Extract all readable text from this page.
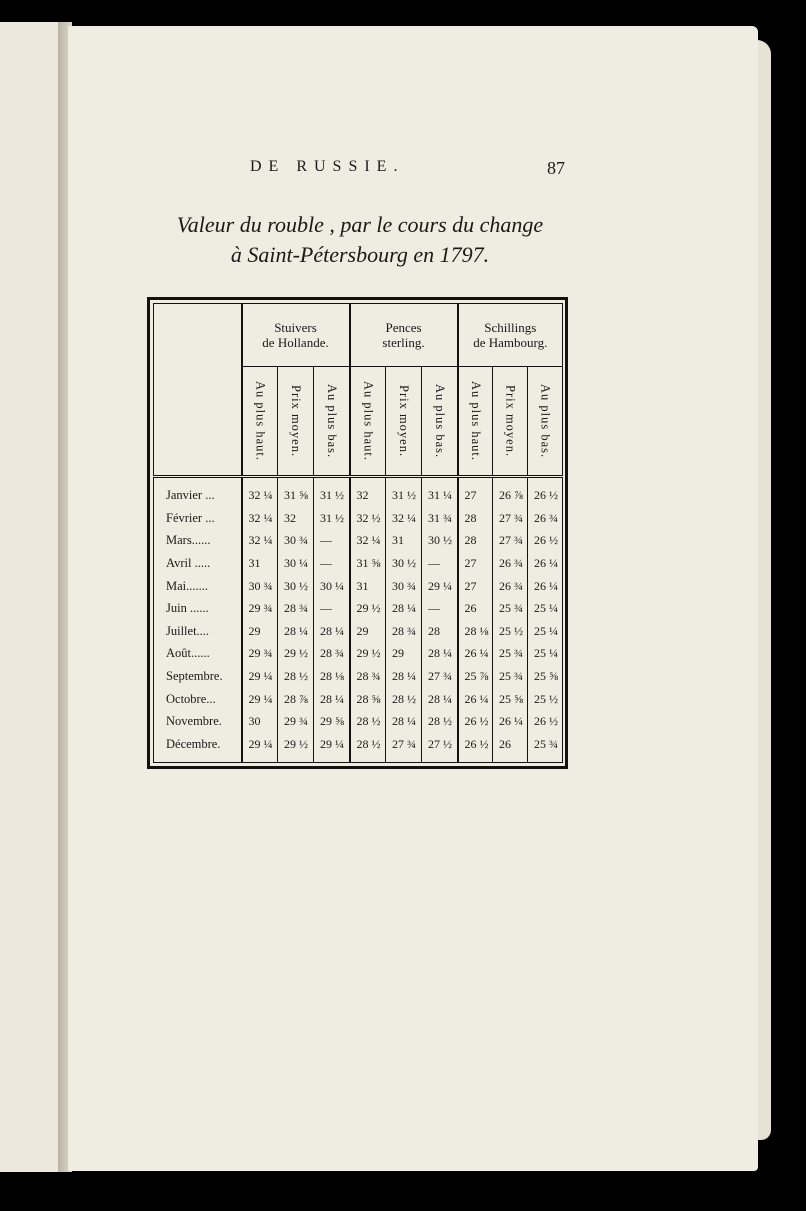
DE RUSSIE.	87
Valeur du rouble , par le cours du change
à Saint-Pétersbourg en 1797.
	Stuivers
de Hollande.			Pences
sterling.			Schillings
de Hambourg.		

	Au plus haut.	Prix moyen.	Au plus bas.	Au plus haut.	Prix moyen.	Au plus bas.	Au plus haut.	Prix moyen.	Au plus bas.

Janvier ...	32 ¼	31 ⅝	31 ½	32	31 ½	31 ¼	27	26 ⅞	26 ½
Février ...	32 ¼	32	31 ½	32 ½	32 ¼	31 ¾	28	27 ¾	26 ¾
Mars......	32 ¼	30 ¾	—	32 ¼	31	30 ½	28	27 ¾	26 ½
Avril .....	31	30 ¼	—	31 ⅝	30 ½	—	27	26 ¾	26 ¼
Mai.......	30 ¾	30 ½	30 ¼	31	30 ¾	29 ¼	27	26 ¾	26 ¼
Juin ......	29 ¾	28 ¾	—	29 ½	28 ¼	—	26	25 ¾	25 ¼
Juillet....	29	28 ¼	28 ¼	29	28 ¾	28	28 ⅛	25 ½	25 ¼
Août......	29 ¾	29 ½	28 ¾	29 ½	29	28 ¼	26 ¼	25 ¾	25 ¼
Septembre.	29 ¼	28 ½	28 ⅛	28 ¾	28 ¼	27 ¾	25 ⅞	25 ¾	25 ⅝
Octobre...	29 ¼	28 ⅞	28 ¼	28 ⅝	28 ½	28 ¼	26 ¼	25 ⅝	25 ½
Novembre.	30	29 ¾	29 ⅝	28 ½	28 ¼	28 ½	26 ½	26 ¼	26 ½
Décembre.	29 ¼	29 ½	29 ¼	28 ½	27 ¾	27 ½	26 ½	26	25 ¾
